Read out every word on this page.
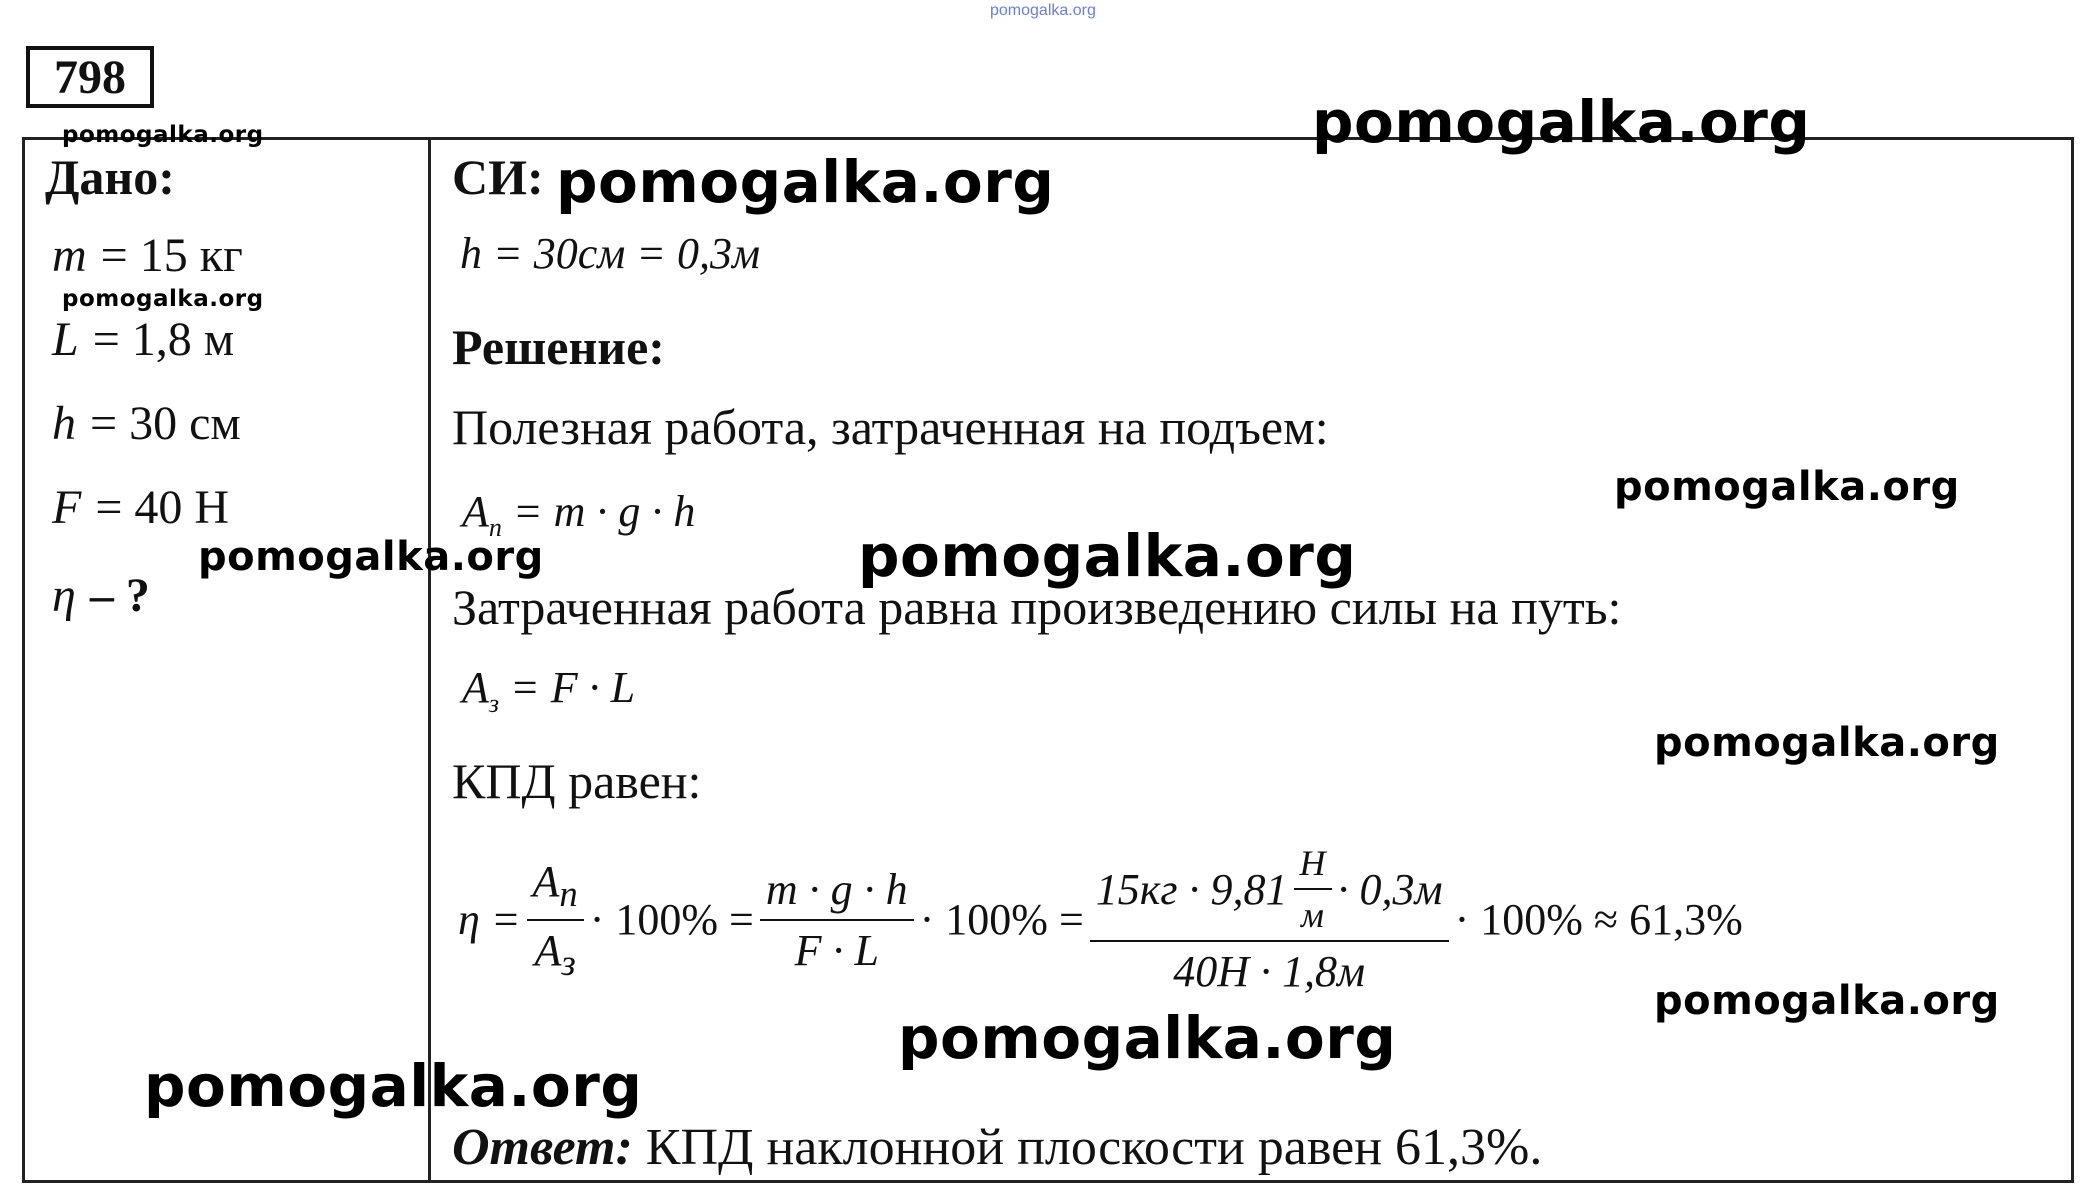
pomogalka.org
798
Дано:
m = 15 кг
L = 1,8 м
h = 30 см
F = 40 Н
η – ?
СИ:
h = 30см = 0,3м
Решение:
Полезная работа, затраченная на подъем:
$A_п = m \cdot g \cdot h$
Затраченная работа равна произведению силы на путь:
$A_з = F \cdot L$
КПД равен:
$\eta = \frac{A_п}{A_з} \cdot 100\% = \frac{m \cdot g \cdot h}{F \cdot L} \cdot 100\% = \frac{15кг \cdot 9,81 \frac{Н}{м} \cdot 0,3м}{40Н \cdot 1,8м} \cdot 100\% \approx 61,3\%$
Ответ: КПД наклонной плоскости равен 61,3%.
pomogalka.org	pomogalka.org
pomogalka.org
pomogalka.org
pomogalka.org
pomogalka.org
pomogalka.org
pomogalka.org
pomogalka.org
pomogalka.org
pomogalka.org
